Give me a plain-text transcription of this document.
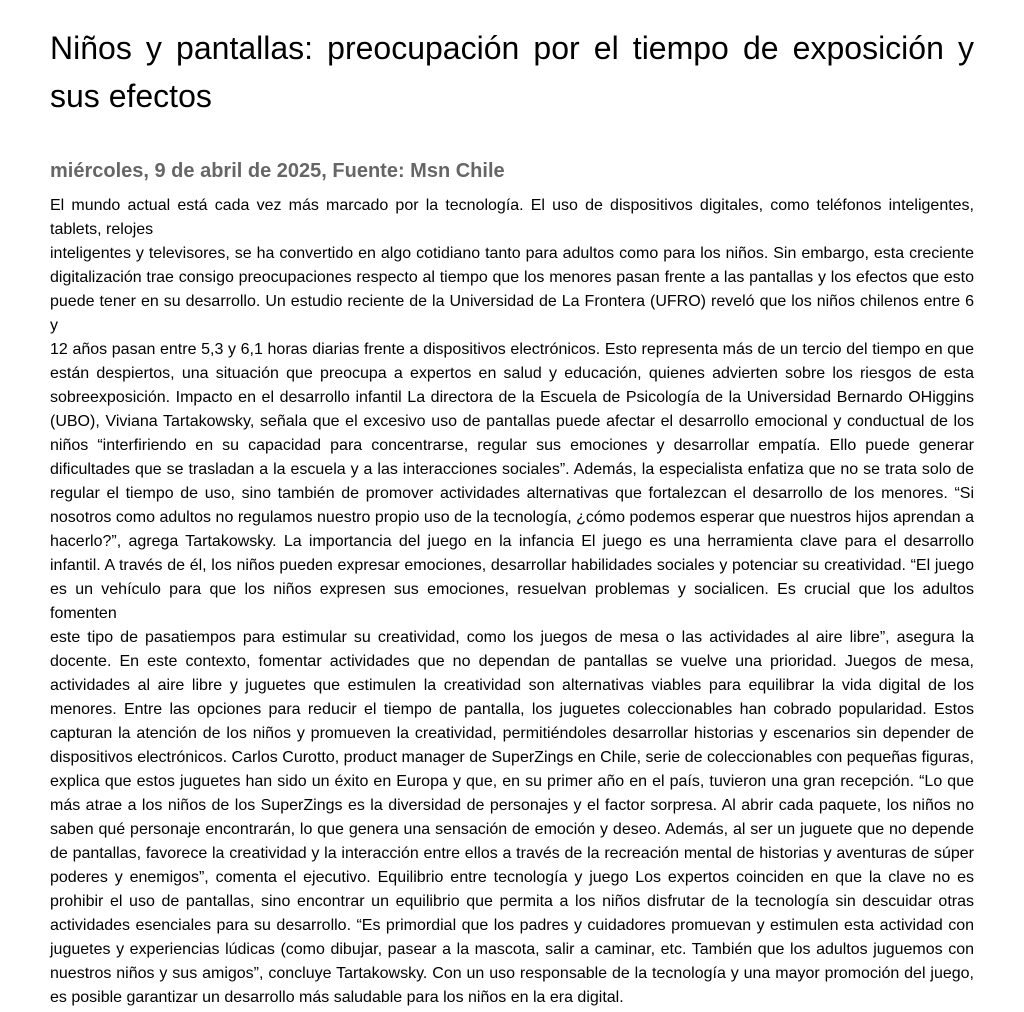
Niños y pantallas: preocupación por el tiempo de exposición y sus efectos
miércoles, 9 de abril de 2025, Fuente: Msn Chile
El mundo actual está cada vez más marcado por la tecnología. El uso de dispositivos digitales, como teléfonos inteligentes,
tablets, relojes
inteligentes y televisores, se ha convertido en algo cotidiano tanto para adultos como para los niños. Sin embargo, esta creciente
digitalización trae consigo preocupaciones respecto al tiempo que los menores pasan frente a las pantallas y los efectos que esto
puede tener en su desarrollo. Un estudio reciente de la Universidad de La Frontera (UFRO) reveló que los niños chilenos entre 6 y
12 años pasan entre 5,3 y 6,1 horas diarias frente a dispositivos electrónicos. Esto representa más de un tercio del tiempo en que
están despiertos, una situación que preocupa a expertos en salud y educación, quienes advierten sobre los riesgos de esta
sobreexposición. Impacto en el desarrollo infantil La directora de la Escuela de Psicología de la Universidad Bernardo OHiggins
(UBO), Viviana Tartakowsky, señala que el excesivo uso de pantallas puede afectar el desarrollo emocional y conductual de los
niños “interfiriendo en su capacidad para concentrarse, regular sus emociones y desarrollar empatía. Ello puede generar
dificultades que se trasladan a la escuela y a las interacciones sociales”. Además, la especialista enfatiza que no se trata solo de
regular el tiempo de uso, sino también de promover actividades alternativas que fortalezcan el desarrollo de los menores. “Si
nosotros como adultos no regulamos nuestro propio uso de la tecnología, ¿cómo podemos esperar que nuestros hijos aprendan a
hacerlo?”, agrega Tartakowsky. La importancia del juego en la infancia El juego es una herramienta clave para el desarrollo
infantil. A través de él, los niños pueden expresar emociones, desarrollar habilidades sociales y potenciar su creatividad. “El juego
es un vehículo para que los niños expresen sus emociones, resuelvan problemas y socialicen. Es crucial que los adultos fomenten
este tipo de pasatiempos para estimular su creatividad, como los juegos de mesa o las actividades al aire libre”, asegura la
docente. En este contexto, fomentar actividades que no dependan de pantallas se vuelve una prioridad. Juegos de mesa,
actividades al aire libre y juguetes que estimulen la creatividad son alternativas viables para equilibrar la vida digital de los
menores. Entre las opciones para reducir el tiempo de pantalla, los juguetes coleccionables han cobrado popularidad. Estos
capturan la atención de los niños y promueven la creatividad, permitiéndoles desarrollar historias y escenarios sin depender de
dispositivos electrónicos. Carlos Curotto, product manager de SuperZings en Chile, serie de coleccionables con pequeñas figuras,
explica que estos juguetes han sido un éxito en Europa y que, en su primer año en el país, tuvieron una gran recepción. “Lo que
más atrae a los niños de los SuperZings es la diversidad de personajes y el factor sorpresa. Al abrir cada paquete, los niños no
saben qué personaje encontrarán, lo que genera una sensación de emoción y deseo. Además, al ser un juguete que no depende
de pantallas, favorece la creatividad y la interacción entre ellos a través de la recreación mental de historias y aventuras de súper
poderes y enemigos”, comenta el ejecutivo. Equilibrio entre tecnología y juego Los expertos coinciden en que la clave no es
prohibir el uso de pantallas, sino encontrar un equilibrio que permita a los niños disfrutar de la tecnología sin descuidar otras
actividades esenciales para su desarrollo. “Es primordial que los padres y cuidadores promuevan y estimulen esta actividad con
juguetes y experiencias lúdicas (como dibujar, pasear a la mascota, salir a caminar, etc. También que los adultos juguemos con
nuestros niños y sus amigos”, concluye Tartakowsky. Con un uso responsable de la tecnología y una mayor promoción del juego,
es posible garantizar un desarrollo más saludable para los niños en la era digital.
